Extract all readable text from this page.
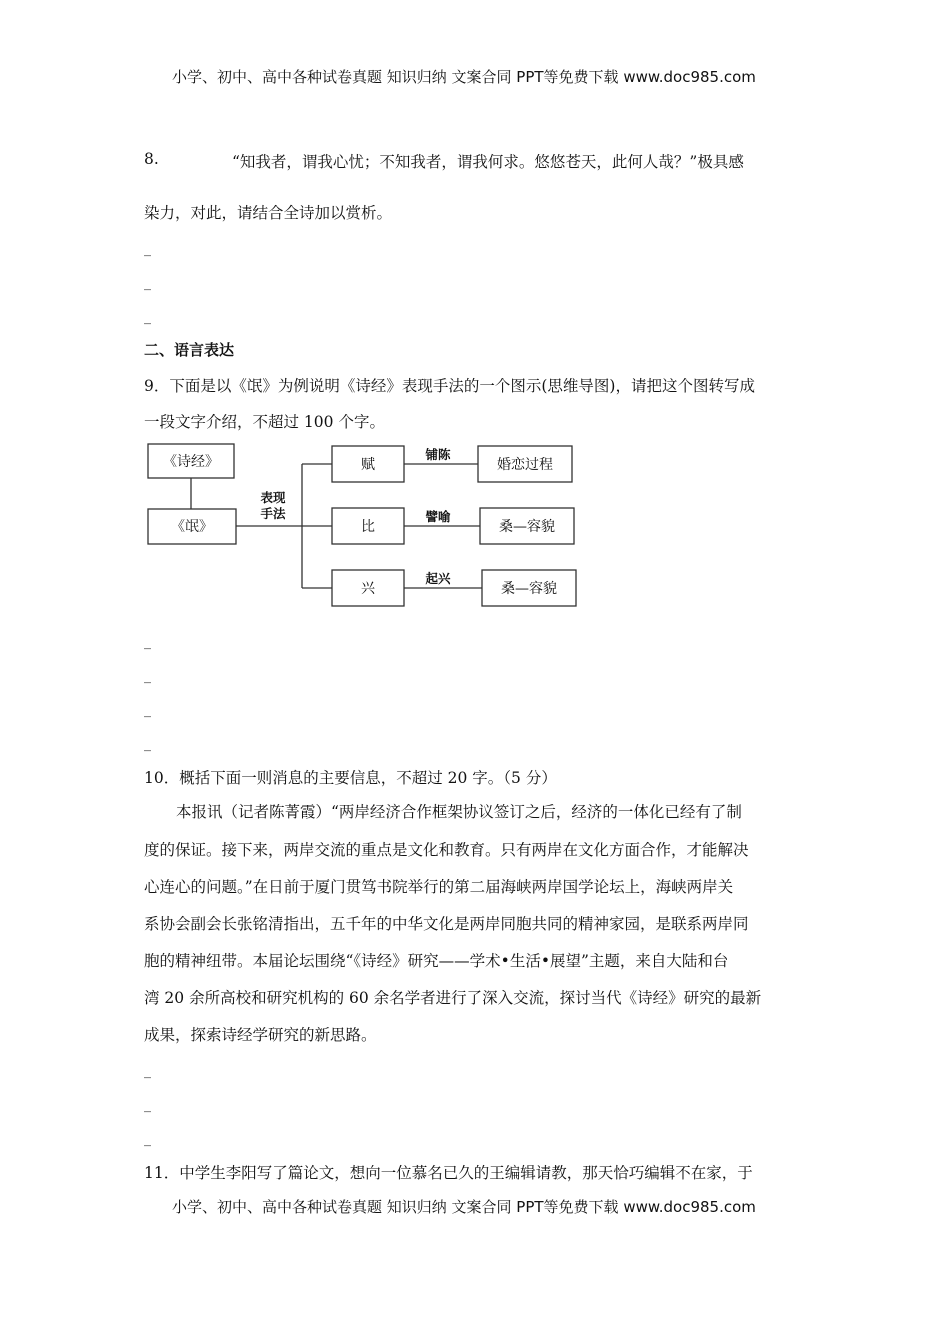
小学、初中、高中各种试卷真题 知识归纳 文案合同 PPT等免费下载 www.doc985.com
8.	“知我者，谓我心忧；不知我者，谓我何求。悠悠苍天，此何人哉？”极具感
染力，对此，请结合全诗加以赏析。
_
_
_
二、语言表达
9．下面是以《氓》为例说明《诗经》表现手法的一个图示(思维导图)，请把这个图转写成
一段文字介绍，不超过 100 个字。
《诗经》
《氓》
表现
手法
赋
比
兴
铺陈
譬喻
起兴
婚恋过程
桑—容貌
桑—容貌
_
_
_
_
10．概括下面一则消息的主要信息，不超过 20 字。（5 分）
本报讯（记者陈菁霞）“两岸经济合作框架协议签订之后，经济的一体化已经有了制
度的保证。接下来，两岸交流的重点是文化和教育。只有两岸在文化方面合作，才能解决
心连心的问题。”在日前于厦门贯笃书院举行的第二届海峡两岸国学论坛上，海峡两岸关
系协会副会长张铭清指出，五千年的中华文化是两岸同胞共同的精神家园，是联系两岸同
胞的精神纽带。本届论坛围绕“《诗经》研究——学术•生活•展望”主题，来自大陆和台
湾 20 余所高校和研究机构的 60 余名学者进行了深入交流，探讨当代《诗经》研究的最新
成果，探索诗经学研究的新思路。
_
_
_
11．中学生李阳写了篇论文，想向一位慕名已久的王编辑请教，那天恰巧编辑不在家，于
小学、初中、高中各种试卷真题 知识归纳 文案合同 PPT等免费下载 www.doc985.com
